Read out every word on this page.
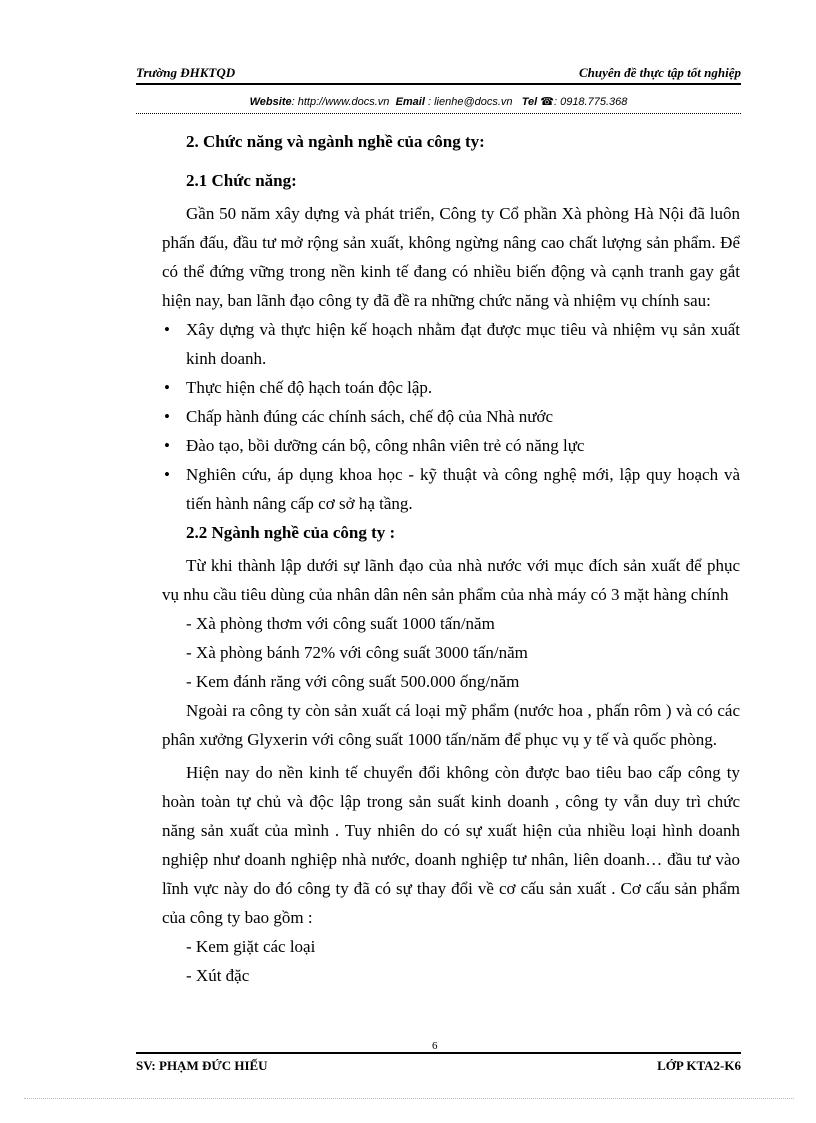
Trường ĐHKTQD	Chuyên đề thực tập tốt nghiệp
Website: http://www.docs.vn Email : lienhe@docs.vn Tel ☎: 0918.775.368

2. Chức năng và ngành nghề của công ty:

2.1 Chức năng:

Gần 50 năm xây dựng và phát triển, Công ty Cổ phần Xà phòng Hà Nội đã luôn phấn đấu, đầu tư mở rộng sản xuất, không ngừng nâng cao chất lượng sản phẩm. Để có thể đứng vững trong nền kinh tế đang có nhiều biến động và cạnh tranh gay gắt hiện nay, ban lãnh đạo công ty đã đề ra những chức năng và nhiệm vụ chính sau:

• Xây dựng và thực hiện kế hoạch nhằm đạt được mục tiêu và nhiệm vụ sản xuất kinh doanh.
• Thực hiện chế độ hạch toán độc lập.
• Chấp hành đúng các chính sách, chế độ của Nhà nước
• Đào tạo, bồi dưỡng cán bộ, công nhân viên trẻ có năng lực
• Nghiên cứu, áp dụng khoa học - kỹ thuật và công nghệ mới, lập quy hoạch và tiến hành nâng cấp cơ sở hạ tầng.

2.2 Ngành nghề của công ty :

Từ khi thành lập dưới sự lãnh đạo của nhà nước với mục đích sản xuất để phục vụ nhu cầu tiêu dùng của nhân dân nên sản phẩm của nhà máy có 3 mặt hàng chính

- Xà phòng thơm với công suất 1000 tấn/năm

- Xà phòng bánh 72% với công suất 3000 tấn/năm

- Kem đánh răng với công suất 500.000 ống/năm

Ngoài ra công ty còn sản xuất cá loại mỹ phẩm (nước hoa , phấn rôm ) và có các phân xưởng Glyxerin với công suất 1000 tấn/năm để phục vụ y tế và quốc phòng.

Hiện nay do nền kinh tế chuyển đổi không còn được bao tiêu bao cấp công ty hoàn toàn tự chủ và độc lập trong sản suất kinh doanh , công ty vẫn duy trì chức năng sản xuất của mình . Tuy nhiên do có sự xuất hiện của nhiều loại hình doanh nghiệp như doanh nghiệp nhà nước, doanh nghiệp tư nhân, liên doanh… đầu tư vào lĩnh vực này do đó công ty đã có sự thay đổi về cơ cấu sản xuất . Cơ cấu sản phẩm của công ty bao gồm :

- Kem giặt các loại

- Xút đặc

6
SV: PHẠM ĐỨC HIẾU	LỚP KTA2-K6
